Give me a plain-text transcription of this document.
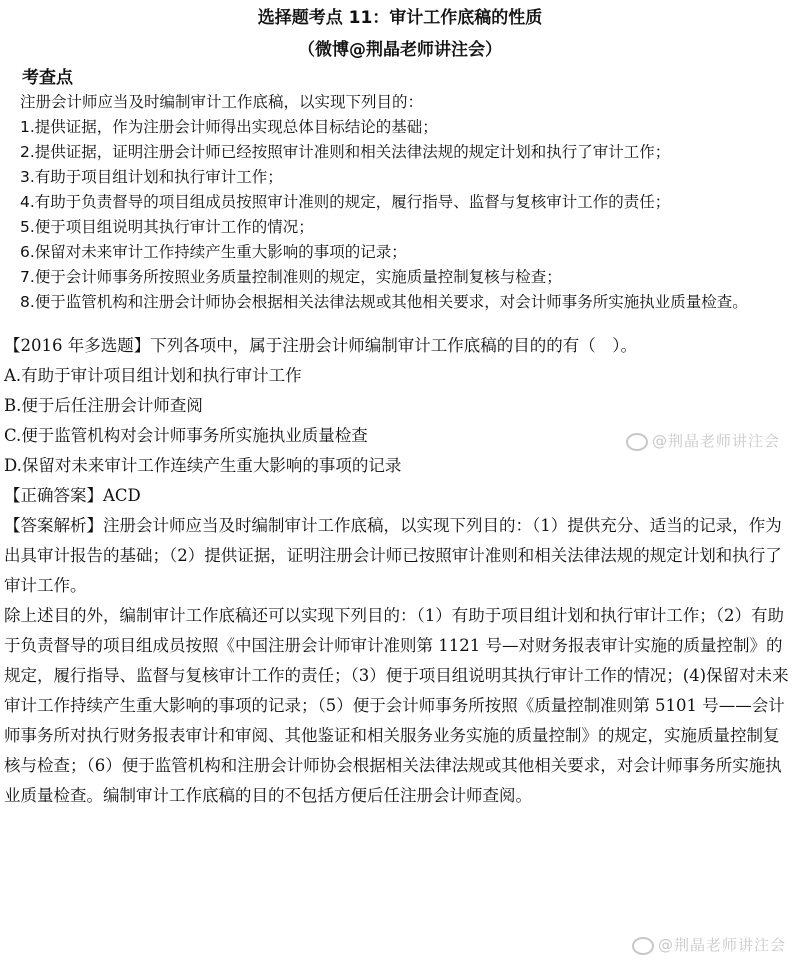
选择题考点 11：审计工作底稿的性质
（微博@荆晶老师讲注会）
考查点

注册会计师应当及时编制审计工作底稿，以实现下列目的：

1.提供证据，作为注册会计师得出实现总体目标结论的基础；

2.提供证据，证明注册会计师已经按照审计准则和相关法律法规的规定计划和执行了审计工作；

3.有助于项目组计划和执行审计工作；

4.有助于负责督导的项目组成员按照审计准则的规定，履行指导、监督与复核审计工作的责任；

5.便于项目组说明其执行审计工作的情况；

6.保留对未来审计工作持续产生重大影响的事项的记录；

7.便于会计师事务所按照业务质量控制准则的规定，实施质量控制复核与检查；

8.便于监管机构和注册会计师协会根据相关法律法规或其他相关要求，对会计师事务所实施执业质量检查。

【2016 年多选题】下列各项中，属于注册会计师编制审计工作底稿的目的的有（　）。

A.有助于审计项目组计划和执行审计工作

B.便于后任注册会计师查阅

C.便于监管机构对会计师事务所实施执业质量检查

D.保留对未来审计工作连续产生重大影响的事项的记录

【正确答案】ACD

【答案解析】注册会计师应当及时编制审计工作底稿，以实现下列目的：（1）提供充分、适当的记录，作为出具审计报告的基础；（2）提供证据，证明注册会计师已按照审计准则和相关法律法规的规定计划和执行了审计工作。

除上述目的外，编制审计工作底稿还可以实现下列目的：（1）有助于项目组计划和执行审计工作；（2）有助于负责督导的项目组成员按照《中国注册会计师审计准则第 1121 号—对财务报表审计实施的质量控制》的规定，履行指导、监督与复核审计工作的责任；（3）便于项目组说明其执行审计工作的情况；(4)保留对未来审计工作持续产生重大影响的事项的记录；（5）便于会计师事务所按照《质量控制准则第 5101 号——会计师事务所对执行财务报表审计和审阅、其他鉴证和相关服务业务实施的质量控制》的规定，实施质量控制复核与检查；（6）便于监管机构和注册会计师协会根据相关法律法规或其他相关要求，对会计师事务所实施执业质量检查。编制审计工作底稿的目的不包括方便后任注册会计师查阅。

@荆晶老师讲注会
@荆晶老师讲注会
